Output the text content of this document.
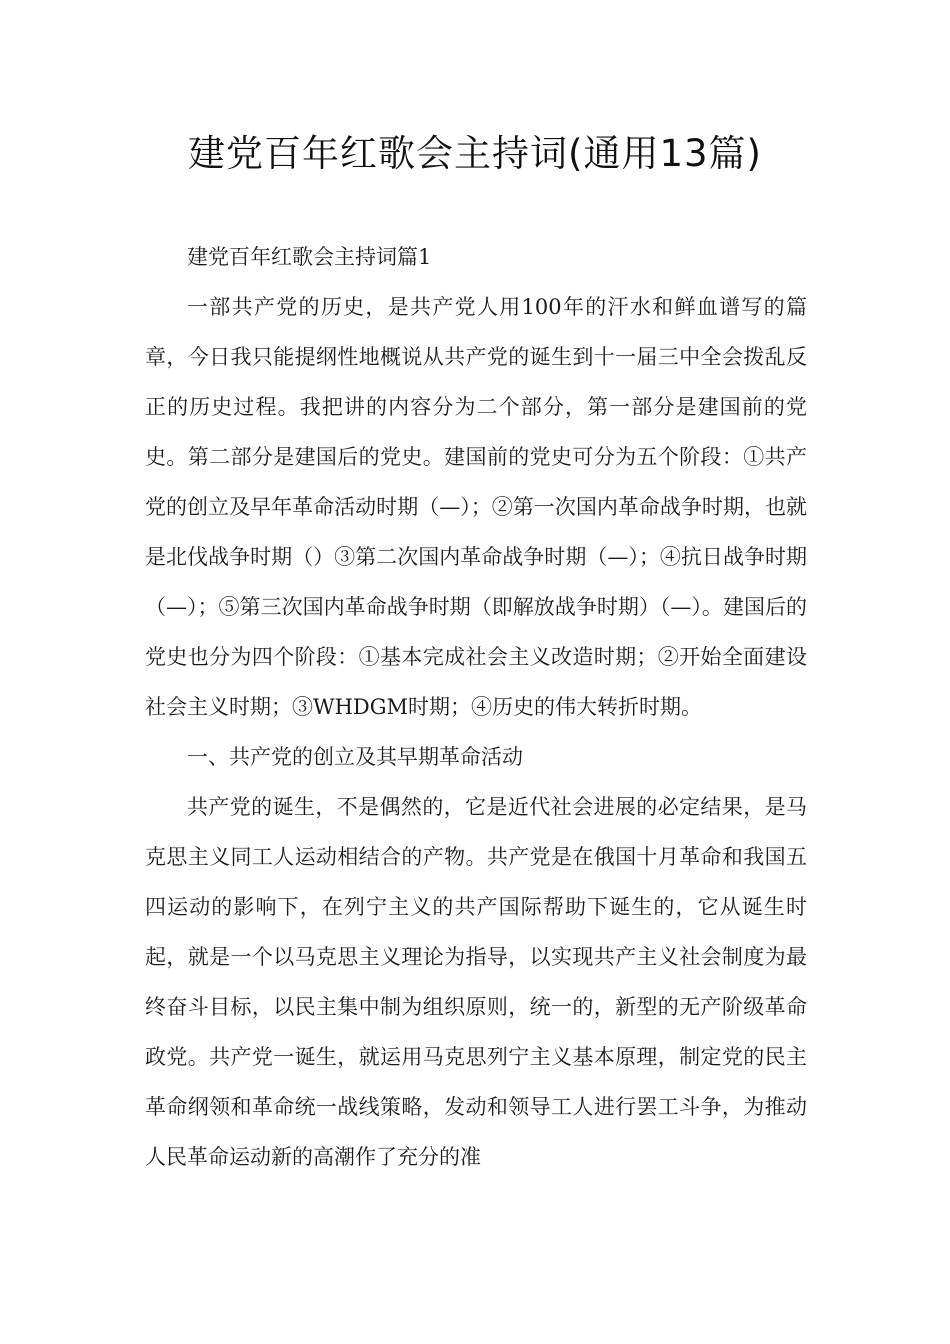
建党百年红歌会主持词(通用13篇)

建党百年红歌会主持词篇1

一部共产党的历史，是共产党人用100年的汗水和鲜血谱写的篇章，今日我只能提纲性地概说从共产党的诞生到十一届三中全会拨乱反正的历史过程。我把讲的内容分为二个部分，第一部分是建国前的党史。第二部分是建国后的党史。建国前的党史可分为五个阶段：①共产党的创立及早年革命活动时期（—）；②第一次国内革命战争时期，也就是北伐战争时期（）③第二次国内革命战争时期（—）；④抗日战争时期（—）；⑤第三次国内革命战争时期（即解放战争时期）（—）。建国后的党史也分为四个阶段：①基本完成社会主义改造时期；②开始全面建设社会主义时期；③WHDGM时期；④历史的伟大转折时期。

一、共产党的创立及其早期革命活动

共产党的诞生，不是偶然的，它是近代社会进展的必定结果，是马克思主义同工人运动相结合的产物。共产党是在俄国十月革命和我国五四运动的影响下，在列宁主义的共产国际帮助下诞生的，它从诞生时起，就是一个以马克思主义理论为指导，以实现共产主义社会制度为最终奋斗目标，以民主集中制为组织原则，统一的，新型的无产阶级革命政党。共产党一诞生，就运用马克思列宁主义基本原理，制定党的民主革命纲领和革命统一战线策略，发动和领导工人进行罢工斗争，为推动人民革命运动新的高潮作了充分的准
